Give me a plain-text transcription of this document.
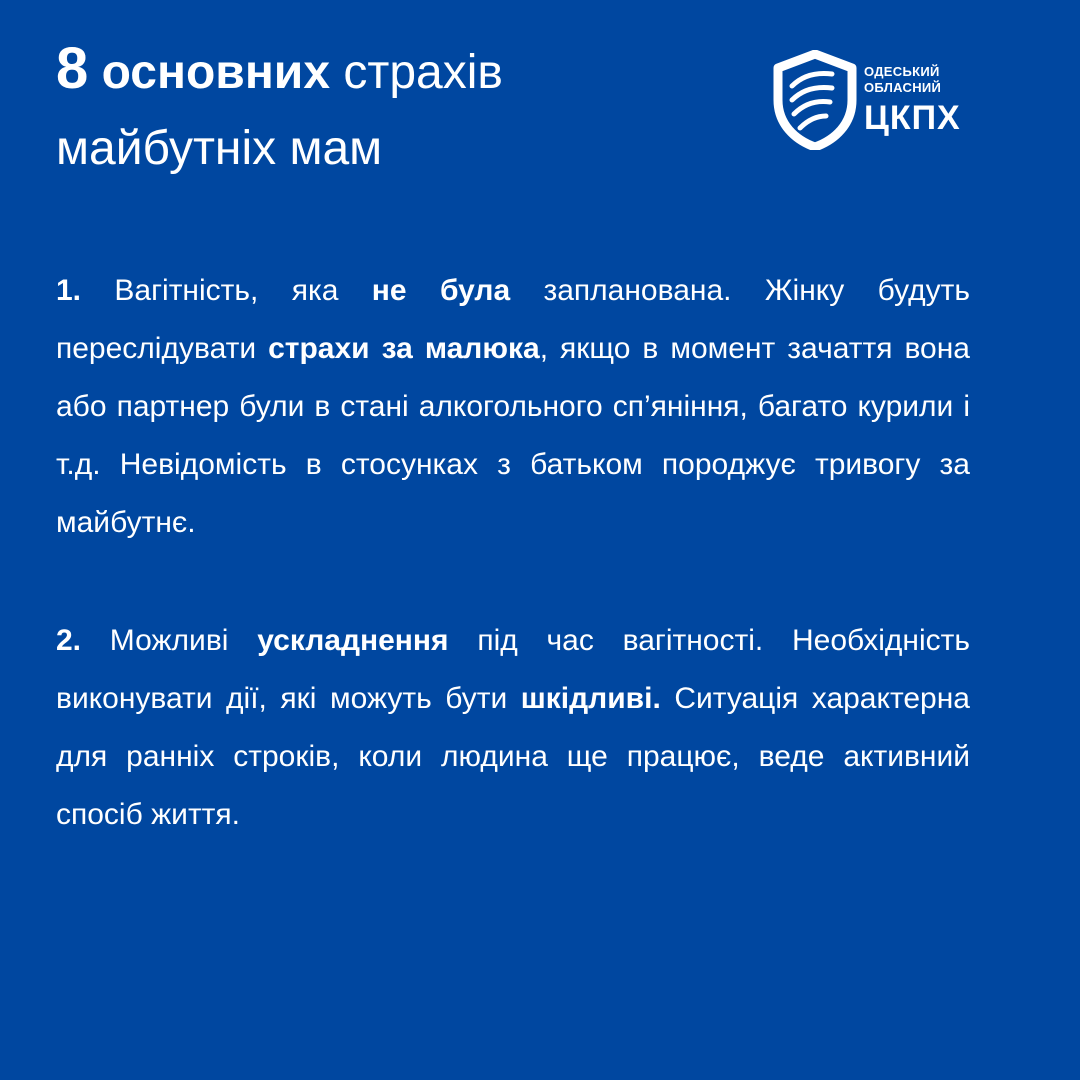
8 основних страхів
майбутніх мам
ОДЕСЬКИЙ
ОБЛАСНИЙ
ЦКПХ

1. Вагітність, яка не була запланована. Жінку будуть переслідувати страхи за малюка, якщо в момент зачаття вона або партнер були в стані алкогольного сп’яніння, багато курили і т.д. Невідомість в стосунках з батьком породжує тривогу за майбутнє.

2. Можливі ускладнення під час вагітності. Необхідність виконувати дії, які можуть бути шкідливі. Ситуація характерна для ранніх строків, коли людина ще працює, веде активний спосіб життя.
